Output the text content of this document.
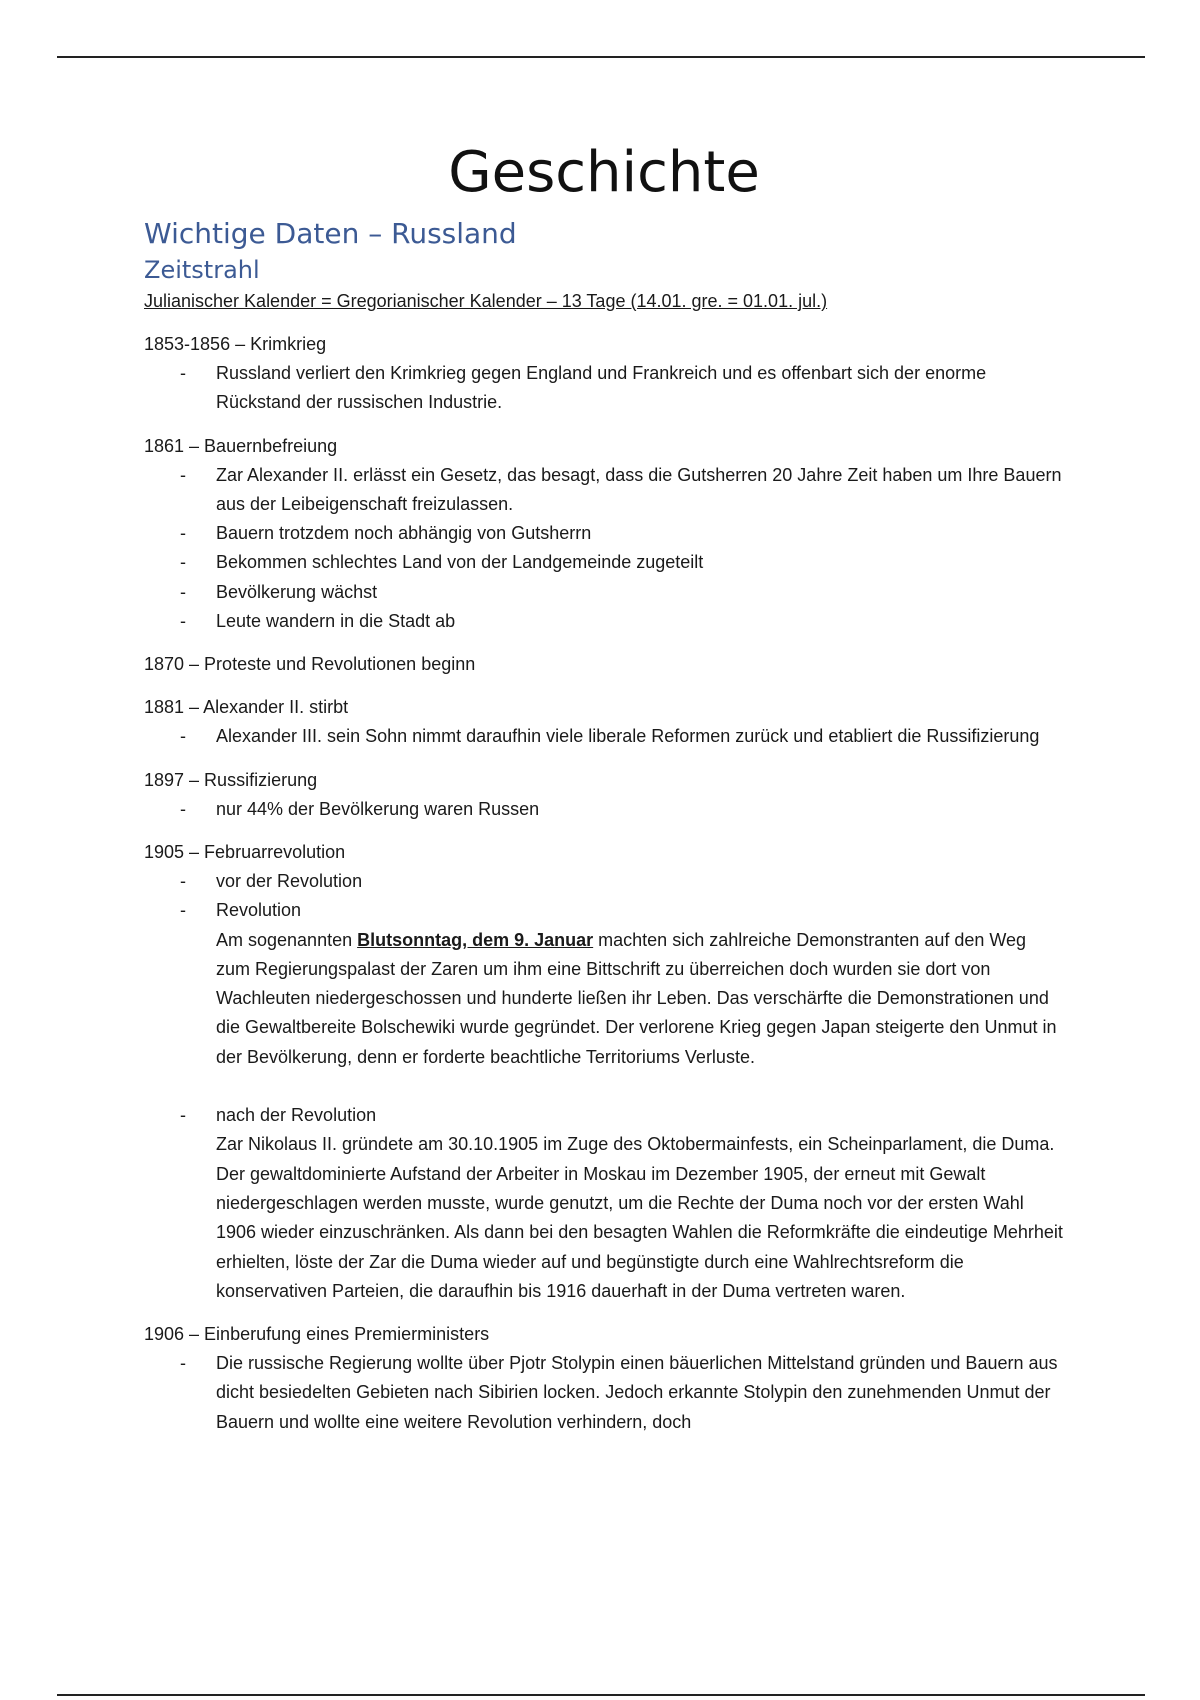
Geschichte
Wichtige Daten – Russland
Zeitstrahl

Julianischer Kalender = Gregorianischer Kalender – 13 Tage (14.01. gre. = 01.01. jul.)

1853-1856 – Krimkrieg

- Russland verliert den Krimkrieg gegen England und Frankreich und es offenbart sich der enorme Rückstand der russischen Industrie.

1861 – Bauernbefreiung

- Zar Alexander II. erlässt ein Gesetz, das besagt, dass die Gutsherren 20 Jahre Zeit haben um Ihre Bauern aus der Leibeigenschaft freizulassen.
- Bauern trotzdem noch abhängig von Gutsherrn
- Bekommen schlechtes Land von der Landgemeinde zugeteilt
- Bevölkerung wächst
- Leute wandern in die Stadt ab

1870 – Proteste und Revolutionen beginn

1881 – Alexander II. stirbt

- Alexander III. sein Sohn nimmt daraufhin viele liberale Reformen zurück und etabliert die Russifizierung

1897 – Russifizierung

- nur 44% der Bevölkerung waren Russen

1905 – Februarrevolution

- vor der Revolution
- Revolution
Am sogenannten Blutsonntag, dem 9. Januar machten sich zahlreiche Demonstranten auf den Weg zum Regierungspalast der Zaren um ihm eine Bittschrift zu überreichen doch wurden sie dort von Wachleuten niedergeschossen und hunderte ließen ihr Leben. Das verschärfte die Demonstrationen und die Gewaltbereite Bolschewiki wurde gegründet. Der verlorene Krieg gegen Japan steigerte den Unmut in der Bevölkerung, denn er forderte beachtliche Territoriums Verluste.
- nach der Revolution
Zar Nikolaus II. gründete am 30.10.1905 im Zuge des Oktobermainfests, ein Scheinparlament, die Duma. Der gewaltdominierte Aufstand der Arbeiter in Moskau im Dezember 1905, der erneut mit Gewalt niedergeschlagen werden musste, wurde genutzt, um die Rechte der Duma noch vor der ersten Wahl 1906 wieder einzuschränken. Als dann bei den besagten Wahlen die Reformkräfte die eindeutige Mehrheit erhielten, löste der Zar die Duma wieder auf und begünstigte durch eine Wahlrechtsreform die konservativen Parteien, die daraufhin bis 1916 dauerhaft in der Duma vertreten waren.

1906 – Einberufung eines Premierministers

- Die russische Regierung wollte über Pjotr Stolypin einen bäuerlichen Mittelstand gründen und Bauern aus dicht besiedelten Gebieten nach Sibirien locken. Jedoch erkannte Stolypin den zunehmenden Unmut der Bauern und wollte eine weitere Revolution verhindern, doch
